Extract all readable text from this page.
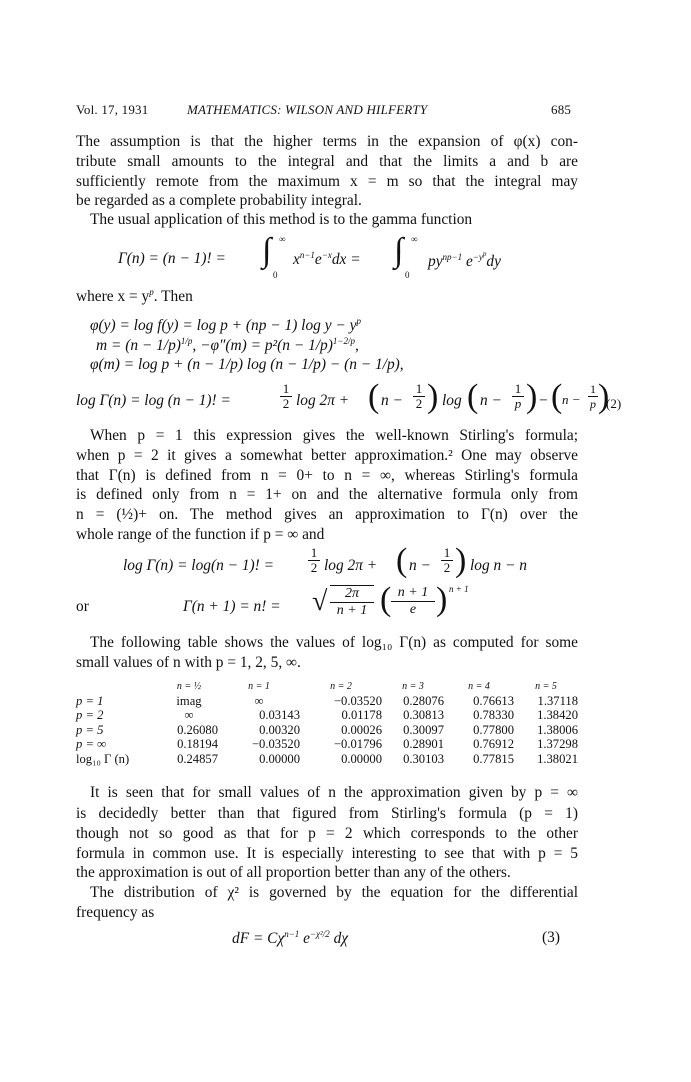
Vol. 17, 1931	MATHEMATICS: WILSON AND HILFERTY	685
The assumption is that the higher terms in the expansion of φ(x) con-
tribute small amounts to the integral and that the limits a and b are
sufficiently remote from the maximum x = m so that the integral may
be regarded as a complete probability integral.
The usual application of this method is to the gamma function
Γ(n) = (n − 1)! = ∫ ∞
0
$x^{n-1}e^{-x}dx$ = ∫ ∞
0
$py^{np-1}$ $e^{-y^p}dy$
where $x = y^p$. Then
φ(y) = log f(y) = log p + (np − 1) $\log y - y^p$
$m = (n - 1/p)^{1/p}$, $-\varphi''(m) = p^2(n - 1/p)^{1-2/p}$,
φ(m) = log p + (n − 1/p) log (n − 1/p) − (n − 1/p),
log Γ(n) = log (n − 1)! =
1
2 log 2π + ( n −
1
2 ) log ( n −
1
p ) − ( n −
1
p )
(2)
When p = 1 this expression gives the well-known Stirling's formula;
when p = 2 it gives a somewhat better approximation.² One may observe
that Γ(n) is defined from n = 0+ to n = ∞, whereas Stirling's formula
is defined only from n = 1+ on and the alternative formula only from
n = (½)+ on. The method gives an approximation to Γ(n) over the
whole range of the function if p = ∞ and
log Γ(n) = log(n − 1)! =
1
2 log 2π + ( n −
1
2 ) log n − n
or	Γ(n + 1) = n! = √	2π
n + 1 ( n + 1
e ) n + 1
The following table shows the values of log₁₀ Γ(n) as computed for some
small values of n with p = 1, 2, 5, ∞.
	n = ½	n = 1	n = 2	n = 3	n = 4	n = 5
p = 1	imag	∞	−0.03520	0.28076	0.76613	1.37118
p = 2	∞	0.03143	0.01178	0.30813	0.78330	1.38420
p = 5	0.26080	0.00320	0.00026	0.30097	0.77800	1.38006
p = ∞	0.18194	−0.03520	−0.01796	0.28901	0.76912	1.37298
log₁₀ Γ (n)	0.24857	0.00000	0.00000	0.30103	0.77815	1.38021
It is seen that for small values of n the approximation given by p = ∞
is decidedly better than that figured from Stirling's formula (p = 1)
though not so good as that for p = 2 which corresponds to the other
formula in common use. It is especially interesting to see that with p = 5
the approximation is out of all proportion better than any of the others.
The distribution of χ² is governed by the equation for the differential
frequency as
dF = $C\chi^{n-1}$ $e^{-\chi^2/2}$ dχ	(3)
